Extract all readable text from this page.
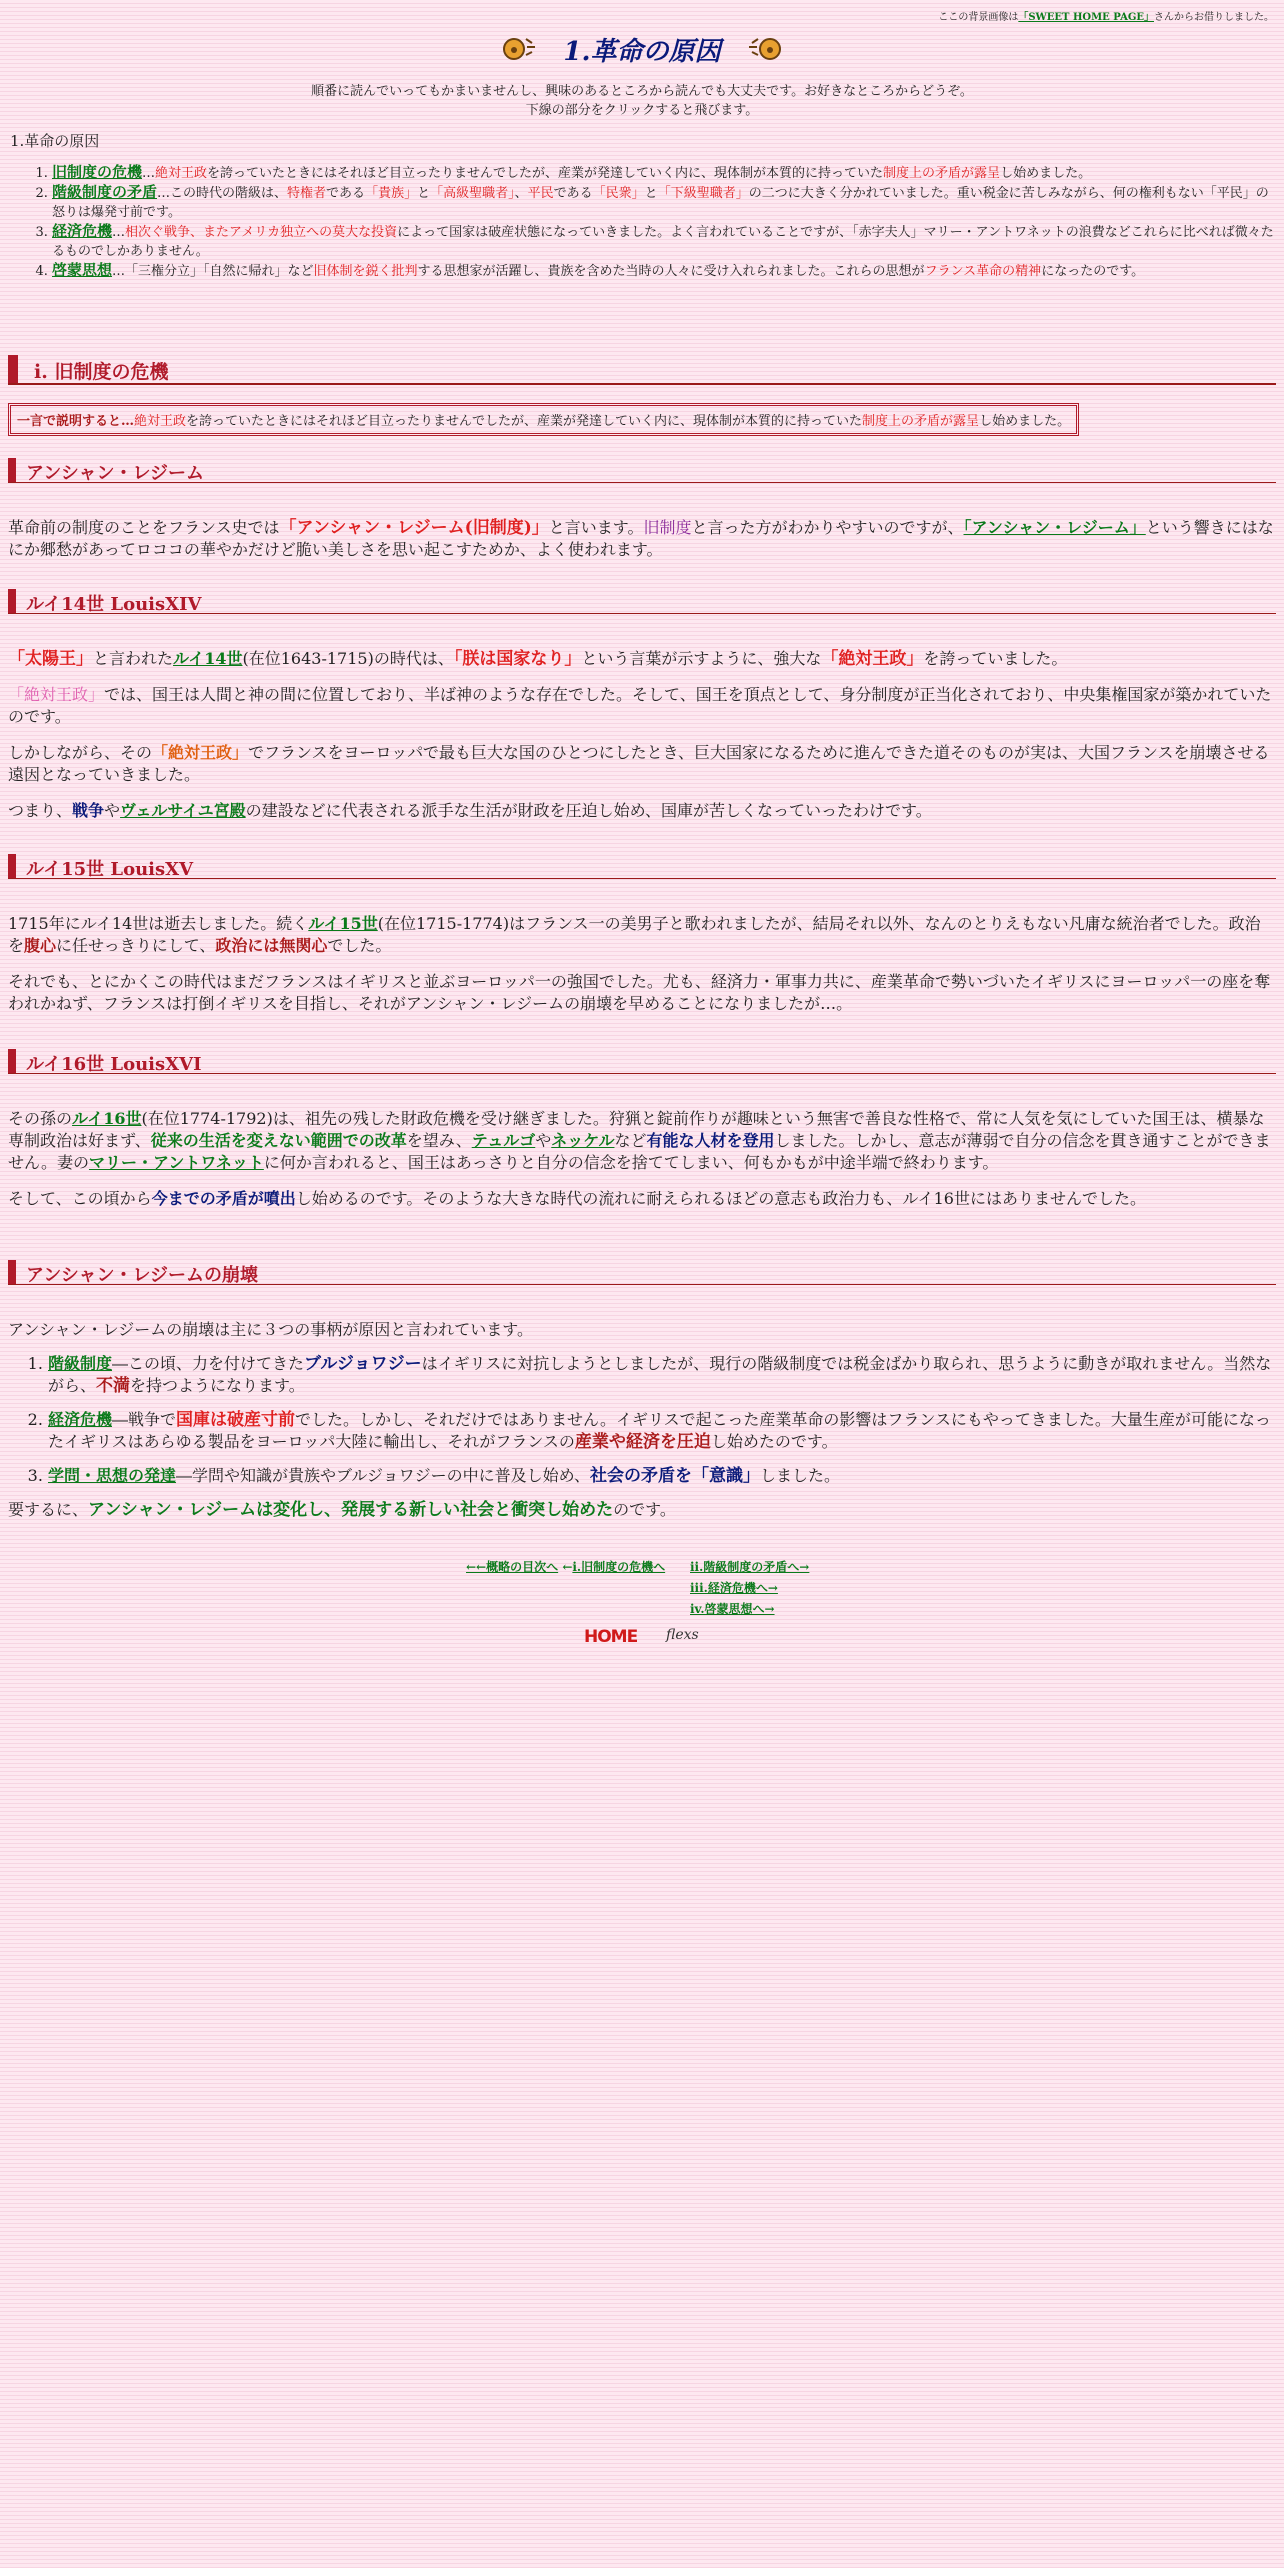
ここの背景画像は「SWEET HOME PAGE」さんからお借りしました。
1.革命の原因
順番に読んでいってもかまいませんし、興味のあるところから読んでも大丈夫です。お好きなところからどうぞ。
下線の部分をクリックすると飛びます。
1.革命の原因
1. 旧制度の危機…絶対王政を誇っていたときにはそれほど目立ったりませんでしたが、産業が発達していく内に、現体制が本質的に持っていた制度上の矛盾が露呈し始めました。
2. 階級制度の矛盾…この時代の階級は、特権者である「貴族」と「高級聖職者」、平民である「民衆」と「下級聖職者」の二つに大きく分かれていました。重い税金に苦しみながら、何の権利もない「平民」の怒りは爆発寸前です。
3. 経済危機…相次ぐ戦争、またアメリカ独立への莫大な投資によって国家は破産状態になっていきました。よく言われていることですが、「赤字夫人」マリー・アントワネットの浪費などこれらに比べれば微々たるものでしかありません。
4. 啓蒙思想…「三権分立」「自然に帰れ」など旧体制を鋭く批判する思想家が活躍し、貴族を含めた当時の人々に受け入れられました。これらの思想がフランス革命の精神になったのです。
i. 旧制度の危機
一言で説明すると…絶対王政を誇っていたときにはそれほど目立ったりませんでしたが、産業が発達していく内に、現体制が本質的に持っていた制度上の矛盾が露呈し始めました。
アンシャン・レジーム

革命前の制度のことをフランス史では「アンシャン・レジーム(旧制度)」と言います。旧制度と言った方がわかりやすいのですが、「アンシャン・レジーム」という響きにはなにか郷愁があってロココの華やかだけど脆い美しさを思い起こすためか、よく使われます。

ルイ14世 LouisXIV

「太陽王」と言われたルイ14世(在位1643-1715)の時代は、「朕は国家なり」という言葉が示すように、強大な「絶対王政」を誇っていました。

「絶対王政」では、国王は人間と神の間に位置しており、半ば神のような存在でした。そして、国王を頂点として、身分制度が正当化されており、中央集権国家が築かれていたのです。

しかしながら、その「絶対王政」でフランスをヨーロッパで最も巨大な国のひとつにしたとき、巨大国家になるために進んできた道そのものが実は、大国フランスを崩壊させる遠因となっていきました。

つまり、戦争やヴェルサイユ宮殿の建設などに代表される派手な生活が財政を圧迫し始め、国庫が苦しくなっていったわけです。

ルイ15世 LouisXV

1715年にルイ14世は逝去しました。続くルイ15世(在位1715-1774)はフランス一の美男子と歌われましたが、結局それ以外、なんのとりえもない凡庸な統治者でした。政治を腹心に任せっきりにして、政治には無関心でした。

それでも、とにかくこの時代はまだフランスはイギリスと並ぶヨーロッパ一の強国でした。尤も、経済力・軍事力共に、産業革命で勢いづいたイギリスにヨーロッパ一の座を奪われかねず、フランスは打倒イギリスを目指し、それがアンシャン・レジームの崩壊を早めることになりましたが…。

ルイ16世 LouisXVI

その孫のルイ16世(在位1774-1792)は、祖先の残した財政危機を受け継ぎました。狩猟と錠前作りが趣味という無害で善良な性格で、常に人気を気にしていた国王は、横暴な専制政治は好まず、従来の生活を変えない範囲での改革を望み、テュルゴやネッケルなど有能な人材を登用しました。しかし、意志が薄弱で自分の信念を貫き通すことができません。妻のマリー・アントワネットに何か言われると、国王はあっさりと自分の信念を捨ててしまい、何もかもが中途半端で終わります。

そして、この頃から今までの矛盾が噴出し始めるのです。そのような大きな時代の流れに耐えられるほどの意志も政治力も、ルイ16世にはありませんでした。

アンシャン・レジームの崩壊

アンシャン・レジームの崩壊は主に３つの事柄が原因と言われています。

1. 階級制度―この頃、力を付けてきたブルジョワジーはイギリスに対抗しようとしましたが、現行の階級制度では税金ばかり取られ、思うように動きが取れません。当然ながら、不満を持つようになります。
2. 経済危機―戦争で国庫は破産寸前でした。しかし、それだけではありません。イギリスで起こった産業革命の影響はフランスにもやってきました。大量生産が可能になったイギリスはあらゆる製品をヨーロッパ大陸に輸出し、それがフランスの産業や経済を圧迫し始めたのです。
3. 学問・思想の発達―学問や知識が貴族やブルジョワジーの中に普及し始め、社会の矛盾を「意識」しました。

要するに、アンシャン・レジームは変化し、発展する新しい社会と衝突し始めたのです。

←←概略の目次へ ←i.旧制度の危機へ ii.階級制度の矛盾へ→
iii.経済危機へ→
iv.啓蒙思想へ→
HOME flexs
